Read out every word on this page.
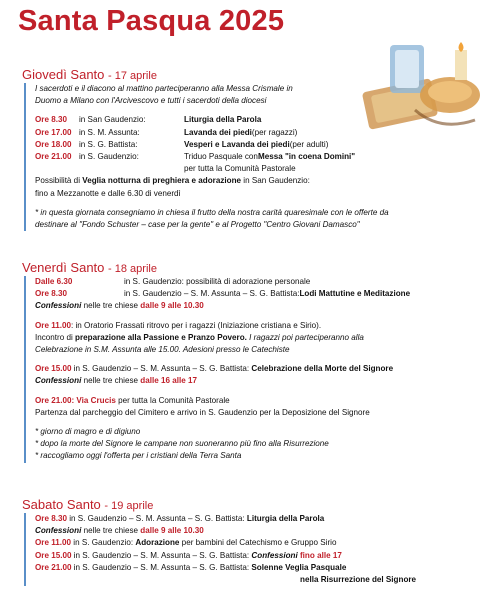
Santa Pasqua 2025

Giovedì Santo - 17 aprile

I sacerdoti e il diacono al mattino parteciperanno alla Messa Crismale in
Duomo a Milano con l'Arcivescovo e tutti i sacerdoti della diocesi
Ore 8.30	in San Gaudenzio:	Liturgia della Parola
Ore 17.00 in S. M. Assunta:	Lavanda dei piedi (per ragazzi)
Ore 18.00 in S. G. Battista:	Vesperi e Lavanda dei piedi (per adulti)
Ore 21.00 in S. Gaudenzio:	Triduo Pasquale con Messa "in coena Domini"
per tutta la Comunità Pastorale
Possibilità di Veglia notturna di preghiera e adorazione in San Gaudenzio:
fino a Mezzanotte e dalle 6.30 di venerdì
* in questa giornata consegniamo in chiesa il frutto della nostra carità quaresimale con le offerte da
destinare al "Fondo Schuster – case per la gente" e al Progetto "Centro Giovani Damasco"

Venerdì Santo - 18 aprile

Dalle 6.30	in S. Gaudenzio: possibilità di adorazione personale
Ore 8.30	in S. Gaudenzio – S. M. Assunta – S. G. Battista: Lodi Mattutine e Meditazione
Confessioni nelle tre chiese dalle 9 alle 10.30
Ore 11.00: in Oratorio Frassati ritrovo per i ragazzi (Iniziazione cristiana e Sirio).
Incontro di preparazione alla Passione e Pranzo Povero. I ragazzi poi parteciperanno alla
Celebrazione in S.M. Assunta alle 15.00. Adesioni presso le Catechiste
Ore 15.00 in S. Gaudenzio – S. M. Assunta – S. G. Battista: Celebrazione della Morte del Signore
Confessioni nelle tre chiese dalle 16 alle 17
Ore 21.00: Via Crucis per tutta la Comunità Pastorale
Partenza dal parcheggio del Cimitero e arrivo in S. Gaudenzio per la Deposizione del Signore
* giorno di magro e di digiuno
* dopo la morte del Signore le campane non suoneranno più fino alla Risurrezione
* raccogliamo oggi l'offerta per i cristiani della Terra Santa

Sabato Santo - 19 aprile

Ore 8.30 in S. Gaudenzio – S. M. Assunta – S. G. Battista: Liturgia della Parola
Confessioni nelle tre chiese dalle 9 alle 10.30
Ore 11.00 in S. Gaudenzio: Adorazione per bambini del Catechismo e Gruppo Sirio
Ore 15.00 in S. Gaudenzio – S. M. Assunta – S. G. Battista: Confessioni fino alle 17
Ore 21.00 in S. Gaudenzio – S. M. Assunta – S. G. Battista: Solenne Veglia Pasquale
nella Risurrezione del Signore
